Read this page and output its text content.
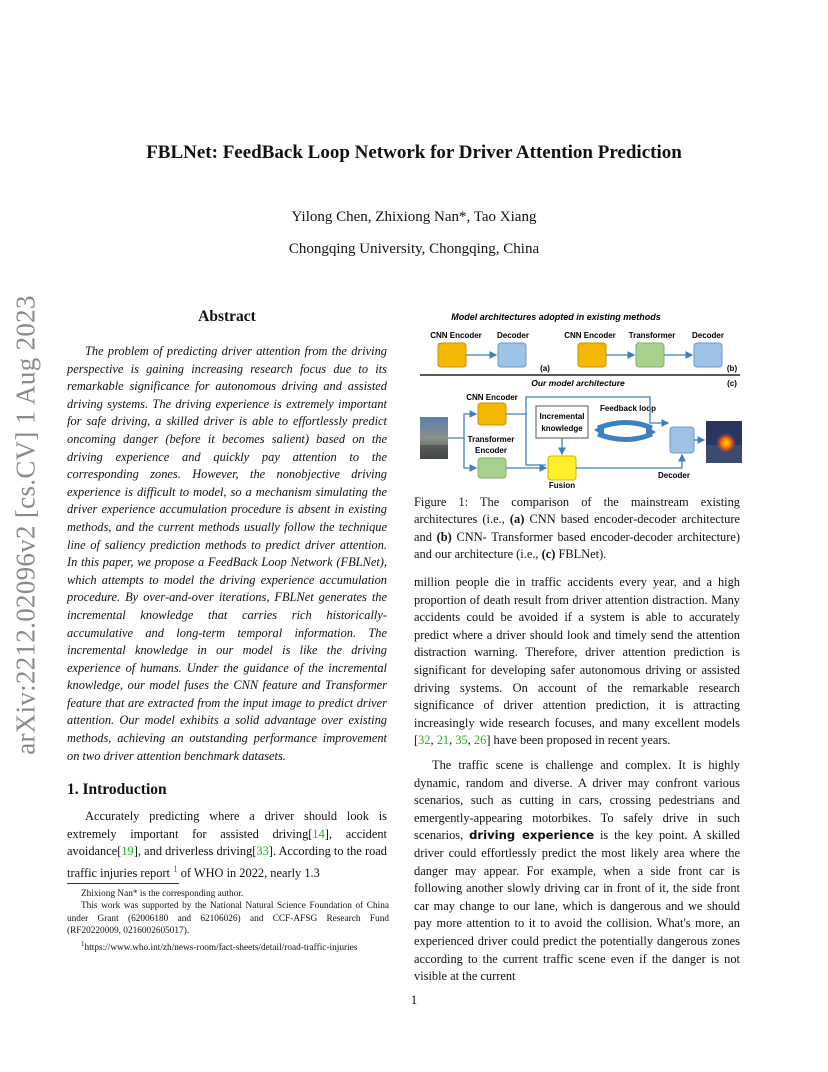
arXiv:2212.02096v2 [cs.CV] 1 Aug 2023
FBLNet: FeedBack Loop Network for Driver Attention Prediction
Yilong Chen, Zhixiong Nan*, Tao Xiang
Chongqing University, Chongqing, China
Abstract
The problem of predicting driver attention from the driving perspective is gaining increasing research focus due to its remarkable significance for autonomous driving and assisted driving systems. The driving experience is extremely important for safe driving, a skilled driver is able to effortlessly predict oncoming danger (before it becomes salient) based on the driving experience and quickly pay attention to the corresponding zones. However, the nonobjective driving experience is difficult to model, so a mechanism simulating the driver experience accumulation procedure is absent in existing methods, and the current methods usually follow the technique line of saliency prediction methods to predict driver attention. In this paper, we propose a FeedBack Loop Network (FBLNet), which attempts to model the driving experience accumulation procedure. By over-and-over iterations, FBLNet generates the incremental knowledge that carries rich historically-accumulative and long-term temporal information. The incremental knowledge in our model is like the driving experience of humans. Under the guidance of the incremental knowledge, our model fuses the CNN feature and Transformer feature that are extracted from the input image to predict driver attention. Our model exhibits a solid advantage over existing methods, achieving an outstanding performance improvement on two driver attention benchmark datasets.
1. Introduction
Accurately predicting where a driver should look is extremely important for assisted driving[14], accident avoidance[19], and driverless driving[33]. According to the road traffic injuries report $^1$ of WHO in 2022, nearly 1.3

Zhixiong Nan* is the corresponding author.

This work was supported by the National Natural Science Foundation of China under Grant (62006180 and 62106026) and CCF-AFSG Research Fund (RF20220009, 0216002605017).

$^1$https://www.who.int/zh/news-room/fact-sheets/detail/road-traffic-injuries

Model architectures adopted in existing methods
CNN Encoder Decoder
(a)
CNN Encoder Transformer Decoder
(b)
Our model architecture	(c)
CNN Encoder
Transformer
Encoder
Incremental
knowledge
Feedback loop
Decoder
Fusion
Figure 1: The comparison of the mainstream existing architectures (i.e., (a) CNN based encoder-decoder architecture and (b) CNN- Transformer based encoder-decoder architecture) and our architecture (i.e., (c) FBLNet).
million people die in traffic accidents every year, and a high proportion of death result from driver attention distraction. Many accidents could be avoided if a system is able to accurately predict where a driver should look and timely send the attention distraction warning. Therefore, driver attention prediction is significant for developing safer autonomous driving or assisted driving systems. On account of the remarkable research significance of driver attention prediction, it is attracting increasingly wide research focuses, and many excellent models [32, 21, 35, 26] have been proposed in recent years.
The traffic scene is challenge and complex. It is highly dynamic, random and diverse. A driver may confront various scenarios, such as cutting in cars, crossing pedestrians and emergently-appearing motorbikes. To safely drive in such scenarios, driving experience is the key point. A skilled driver could effortlessly predict the most likely area where the danger may appear. For example, when a side front car is following another slowly driving car in front of it, the side front car may change to our lane, which is dangerous and we should pay more attention to it to avoid the collision. What's more, an experienced driver could predict the potentially dangerous zones according to the current traffic scene even if the danger is not visible at the current
1
